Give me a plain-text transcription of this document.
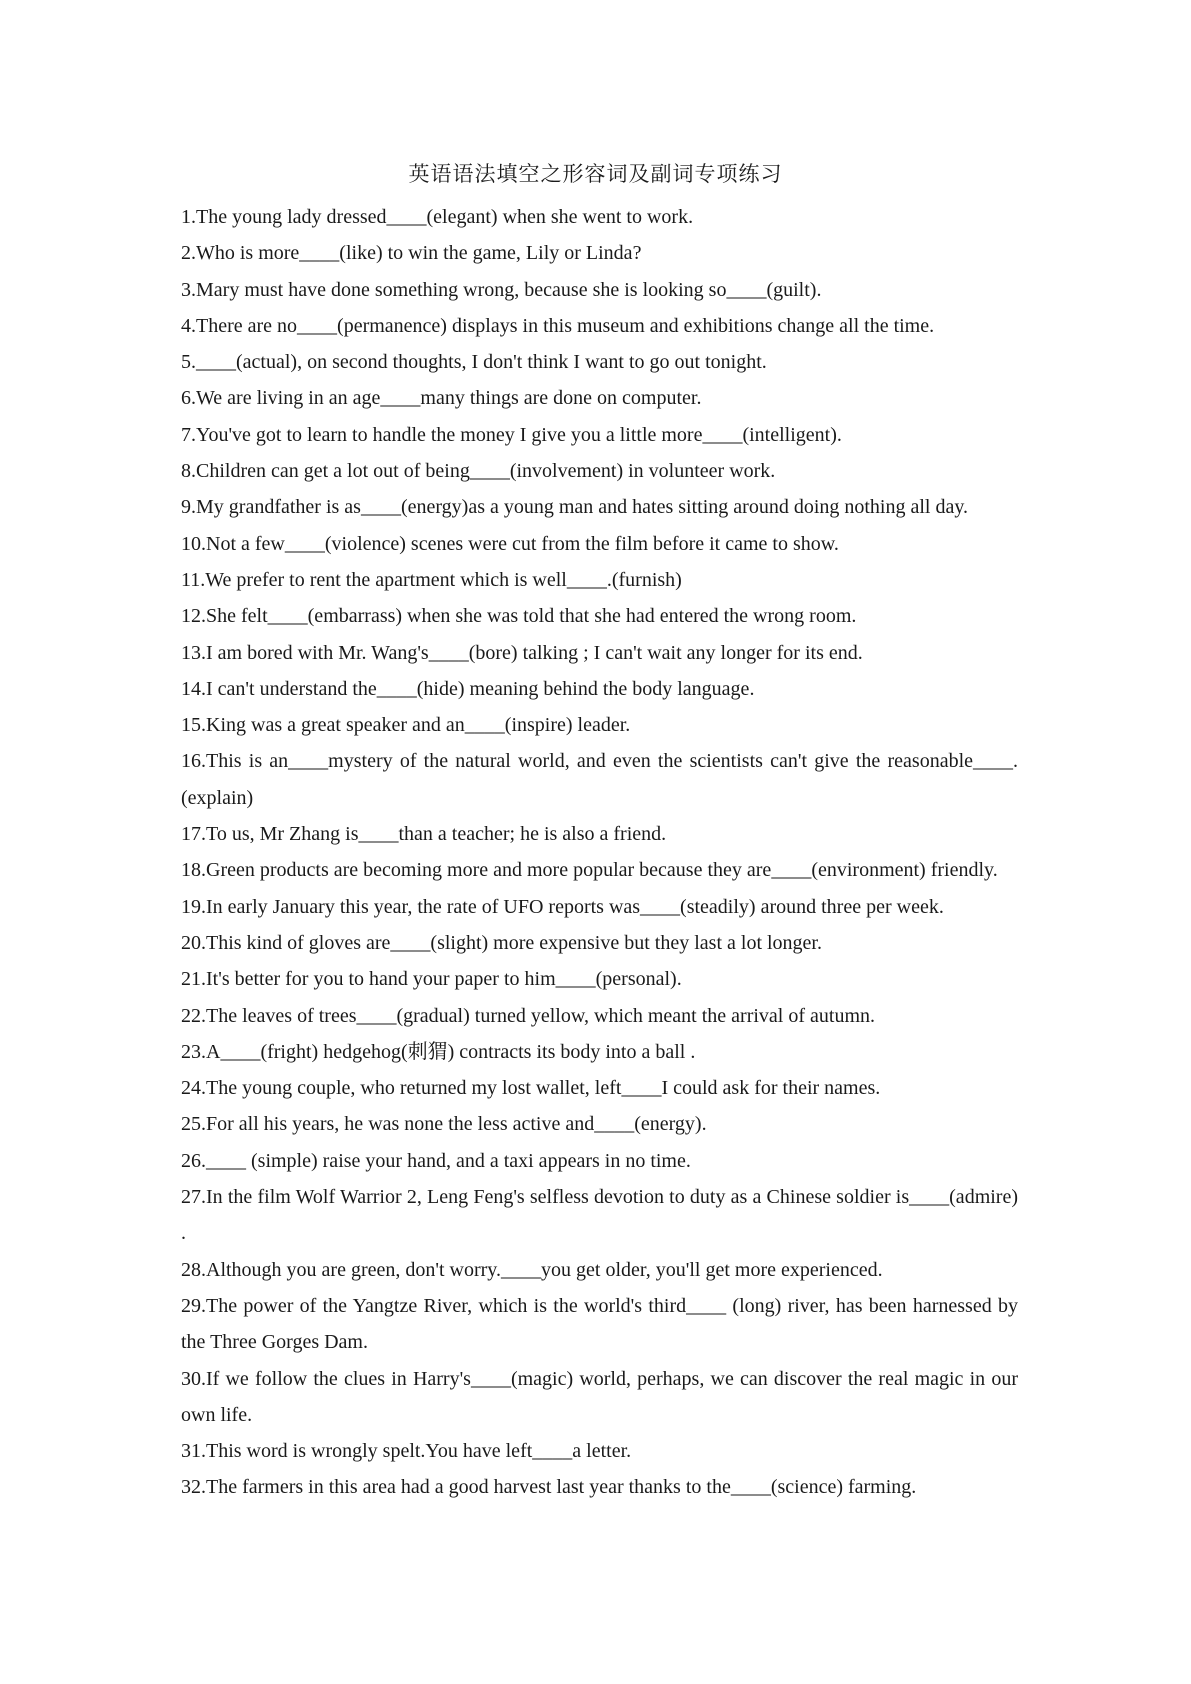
英语语法填空之形容词及副词专项练习

1.The young lady dressed____(elegant) when she went to work.

2.Who is more____(like) to win the game, Lily or Linda?

3.Mary must have done something wrong, because she is looking so____(guilt).

4.There are no____(permanence) displays in this museum and exhibitions change all the time.

5.____(actual), on second thoughts, I don't think I want to go out tonight.

6.We are living in an age____many things are done on computer.

7.You've got to learn to handle the money I give you a little more____(intelligent).

8.Children can get a lot out of being____(involvement) in volunteer work.

9.My grandfather is as____(energy)as a young man and hates sitting around doing nothing all day.

10.Not a few____(violence) scenes were cut from the film before it came to show.

11.We prefer to rent the apartment which is well____.(furnish)

12.She felt____(embarrass) when she was told that she had entered the wrong room.

13.I am bored with Mr. Wang's____(bore) talking ; I can't wait any longer for its end.

14.I can't understand the____(hide) meaning behind the body language.

15.King was a great speaker and an____(inspire) leader.

16.This is an____mystery of the natural world, and even the scientists can't give the reasonable____.(explain)

17.To us, Mr Zhang is____than a teacher; he is also a friend.

18.Green products are becoming more and more popular because they are____(environment) friendly.

19.In early January this year, the rate of UFO reports was____(steadily) around three per week.

20.This kind of gloves are____(slight) more expensive but they last a lot longer.

21.It's better for you to hand your paper to him____(personal).

22.The leaves of trees____(gradual) turned yellow, which meant the arrival of autumn.

23.A____(fright) hedgehog(刺猬) contracts its body into a ball .

24.The young couple, who returned my lost wallet, left____I could ask for their names.

25.For all his years, he was none the less active and____(energy).

26.____ (simple) raise your hand, and a taxi appears in no time.

27.In the film Wolf Warrior 2, Leng Feng's selfless devotion to duty as a Chinese soldier is____(admire) .

28.Although you are green, don't worry.____you get older, you'll get more experienced.

29.The power of the Yangtze River, which is the world's third____ (long) river, has been harnessed by the Three Gorges Dam.

30.If we follow the clues in Harry's____(magic) world, perhaps, we can discover the real magic in our own life.

31.This word is wrongly spelt.You have left____a letter.

32.The farmers in this area had a good harvest last year thanks to the____(science) farming.
